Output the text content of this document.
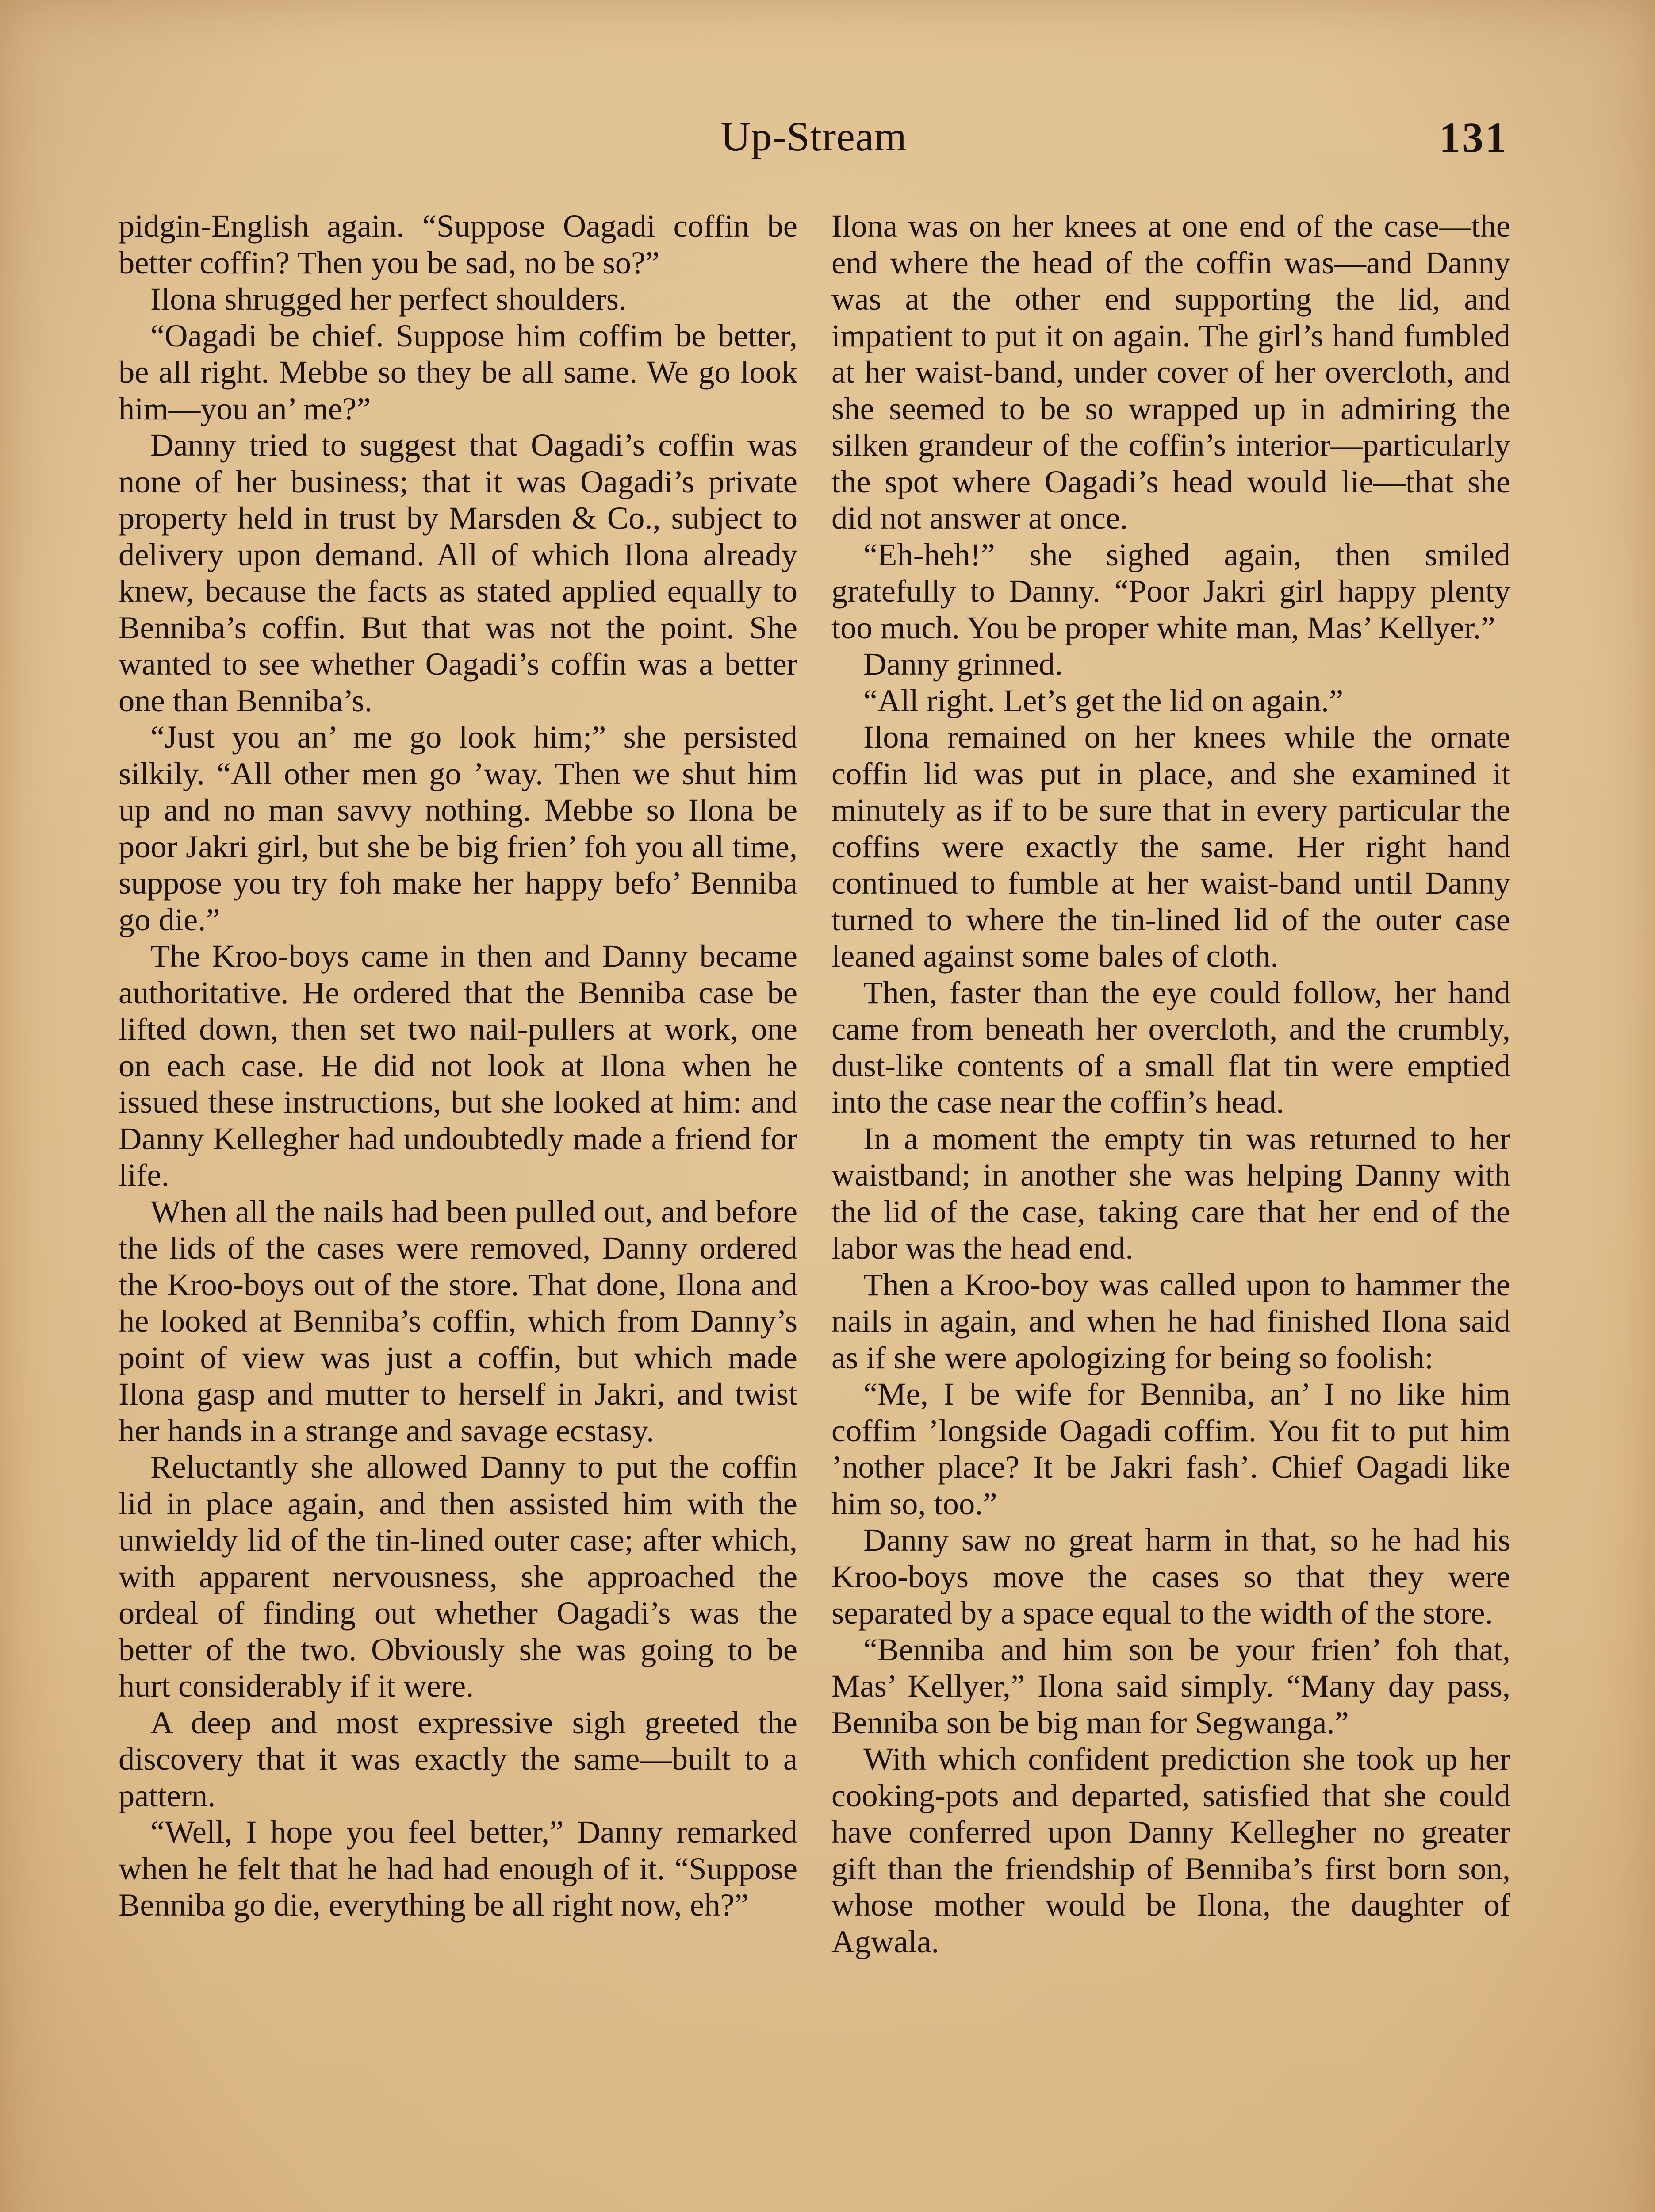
Up-Stream	131

pidgin-English again. “Suppose Oagadi coffin be better coffin? Then you be sad, no be so?”

Ilona shrugged her perfect shoulders.

“Oagadi be chief. Suppose him coffim be better, be all right. Mebbe so they be all same. We go look him—you an’ me?”

Danny tried to suggest that Oagadi’s coffin was none of her business; that it was Oagadi’s private property held in trust by Marsden & Co., subject to delivery upon demand. All of which Ilona already knew, because the facts as stated applied equally to Benniba’s coffin. But that was not the point. She wanted to see whether Oagadi’s coffin was a better one than Benniba’s.

“Just you an’ me go look him;” she persisted silkily. “All other men go ’way. Then we shut him up and no man savvy nothing. Mebbe so Ilona be poor Jakri girl, but she be big frien’ foh you all time, suppose you try foh make her happy befo’ Benniba go die.”

The Kroo-boys came in then and Danny became authoritative. He ordered that the Benniba case be lifted down, then set two nail-pullers at work, one on each case. He did not look at Ilona when he issued these instructions, but she looked at him: and Danny Kellegher had undoubtedly made a friend for life.

When all the nails had been pulled out, and before the lids of the cases were removed, Danny ordered the Kroo-boys out of the store. That done, Ilona and he looked at Benniba’s coffin, which from Danny’s point of view was just a coffin, but which made Ilona gasp and mutter to herself in Jakri, and twist her hands in a strange and savage ecstasy.

Reluctantly she allowed Danny to put the coffin lid in place again, and then assisted him with the unwieldy lid of the tin-lined outer case; after which, with apparent nervousness, she approached the ordeal of finding out whether Oagadi’s was the better of the two. Obviously she was going to be hurt considerably if it were.

A deep and most expressive sigh greeted the discovery that it was exactly the same—built to a pattern.

“Well, I hope you feel better,” Danny remarked when he felt that he had had enough of it. “Suppose Benniba go die, everything be all right now, eh?”

Ilona was on her knees at one end of the case—the end where the head of the coffin was—and Danny was at the other end supporting the lid, and impatient to put it on again. The girl’s hand fumbled at her waist-band, under cover of her overcloth, and she seemed to be so wrapped up in admiring the silken grandeur of the coffin’s interior—particularly the spot where Oagadi’s head would lie—that she did not answer at once.

“Eh-heh!” she sighed again, then smiled gratefully to Danny. “Poor Jakri girl happy plenty too much. You be proper white man, Mas’ Kellyer.”

Danny grinned.

“All right. Let’s get the lid on again.”

Ilona remained on her knees while the ornate coffin lid was put in place, and she examined it minutely as if to be sure that in every particular the coffins were exactly the same. Her right hand continued to fumble at her waist-band until Danny turned to where the tin-lined lid of the outer case leaned against some bales of cloth.

Then, faster than the eye could follow, her hand came from beneath her overcloth, and the crumbly, dust-like contents of a small flat tin were emptied into the case near the coffin’s head.

In a moment the empty tin was returned to her waistband; in another she was helping Danny with the lid of the case, taking care that her end of the labor was the head end.

Then a Kroo-boy was called upon to hammer the nails in again, and when he had finished Ilona said as if she were apologizing for being so foolish:

“Me, I be wife for Benniba, an’ I no like him coffim ’longside Oagadi coffim. You fit to put him ’nother place? It be Jakri fash’. Chief Oagadi like him so, too.”

Danny saw no great harm in that, so he had his Kroo-boys move the cases so that they were separated by a space equal to the width of the store.

“Benniba and him son be your frien’ foh that, Mas’ Kellyer,” Ilona said simply. “Many day pass, Benniba son be big man for Segwanga.”

With which confident prediction she took up her cooking-pots and departed, satisfied that she could have conferred upon Danny Kellegher no greater gift than the friendship of Benniba’s first born son, whose mother would be Ilona, the daughter of Agwala.
